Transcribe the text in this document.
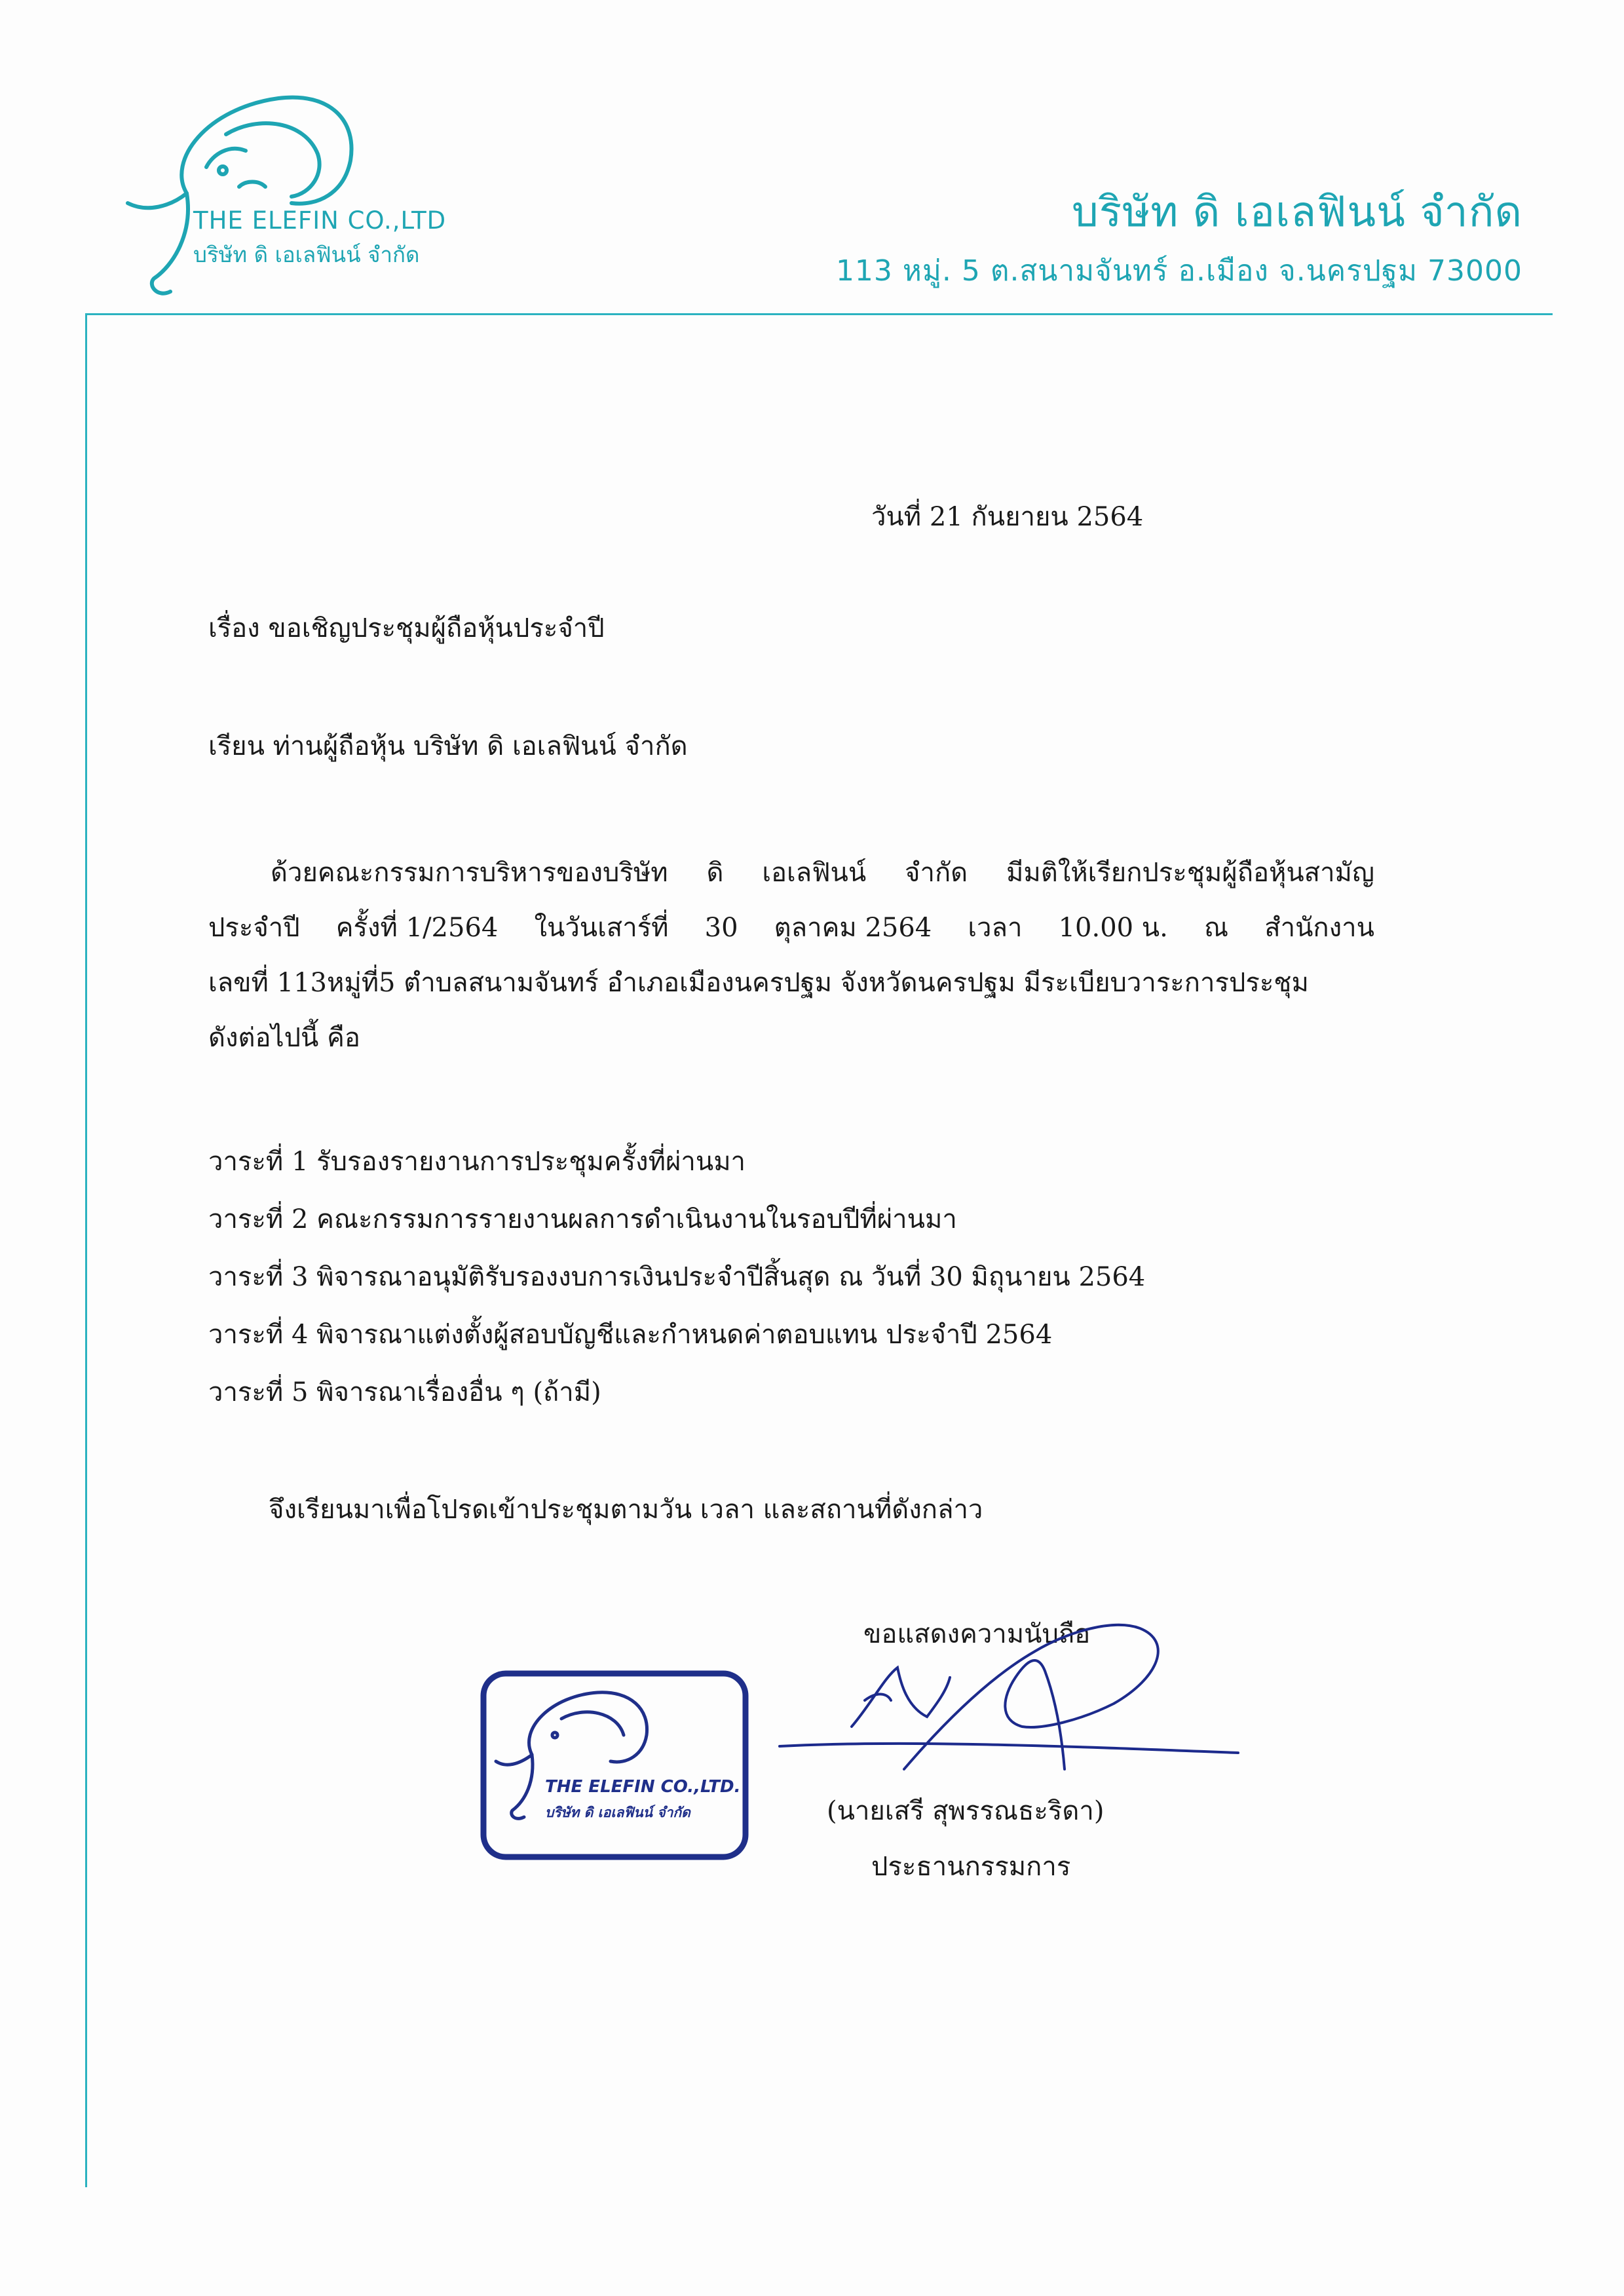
THE ELEFIN CO.,LTD
บริษัท ดิ เอเลฟินน์ จำกัด
บริษัท ดิ เอเลฟินน์ จำกัด
113 หมู่. 5 ต.สนามจันทร์ อ.เมือง จ.นครปฐม 73000
วันที่ 21 กันยายน 2564
เรื่อง ขอเชิญประชุมผู้ถือหุ้นประจำปี
เรียน ท่านผู้ถือหุ้น บริษัท ดิ เอเลฟินน์ จำกัด
ด้วยคณะกรรมการบริหารของบริษัท ดิ เอเลฟินน์ จำกัด มีมติให้เรียกประชุมผู้ถือหุ้นสามัญ
ประจำปี ครั้งที่ 1/2564 ในวันเสาร์ที่ 30 ตุลาคม 2564 เวลา 10.00 น. ณ สำนักงาน
เลขที่ 113หมู่ที่5 ตำบลสนามจันทร์ อำเภอเมืองนครปฐม จังหวัดนครปฐม มีระเบียบวาระการประชุม
ดังต่อไปนี้ คือ
วาระที่ 1 รับรองรายงานการประชุมครั้งที่ผ่านมา
วาระที่ 2 คณะกรรมการรายงานผลการดำเนินงานในรอบปีที่ผ่านมา
วาระที่ 3 พิจารณาอนุมัติรับรองงบการเงินประจำปีสิ้นสุด ณ วันที่ 30 มิถุนายน 2564
วาระที่ 4 พิจารณาแต่งตั้งผู้สอบบัญชีและกำหนดค่าตอบแทน ประจำปี 2564
วาระที่ 5 พิจารณาเรื่องอื่น ๆ (ถ้ามี)
จึงเรียนมาเพื่อโปรดเข้าประชุมตามวัน เวลา และสถานที่ดังกล่าว
ขอแสดงความนับถือ
THE ELEFIN CO.,LTD.
บริษัท ดิ เอเลฟินน์ จำกัด	(นายเสรี สุพรรณธะริดา)
ประธานกรรมการ
